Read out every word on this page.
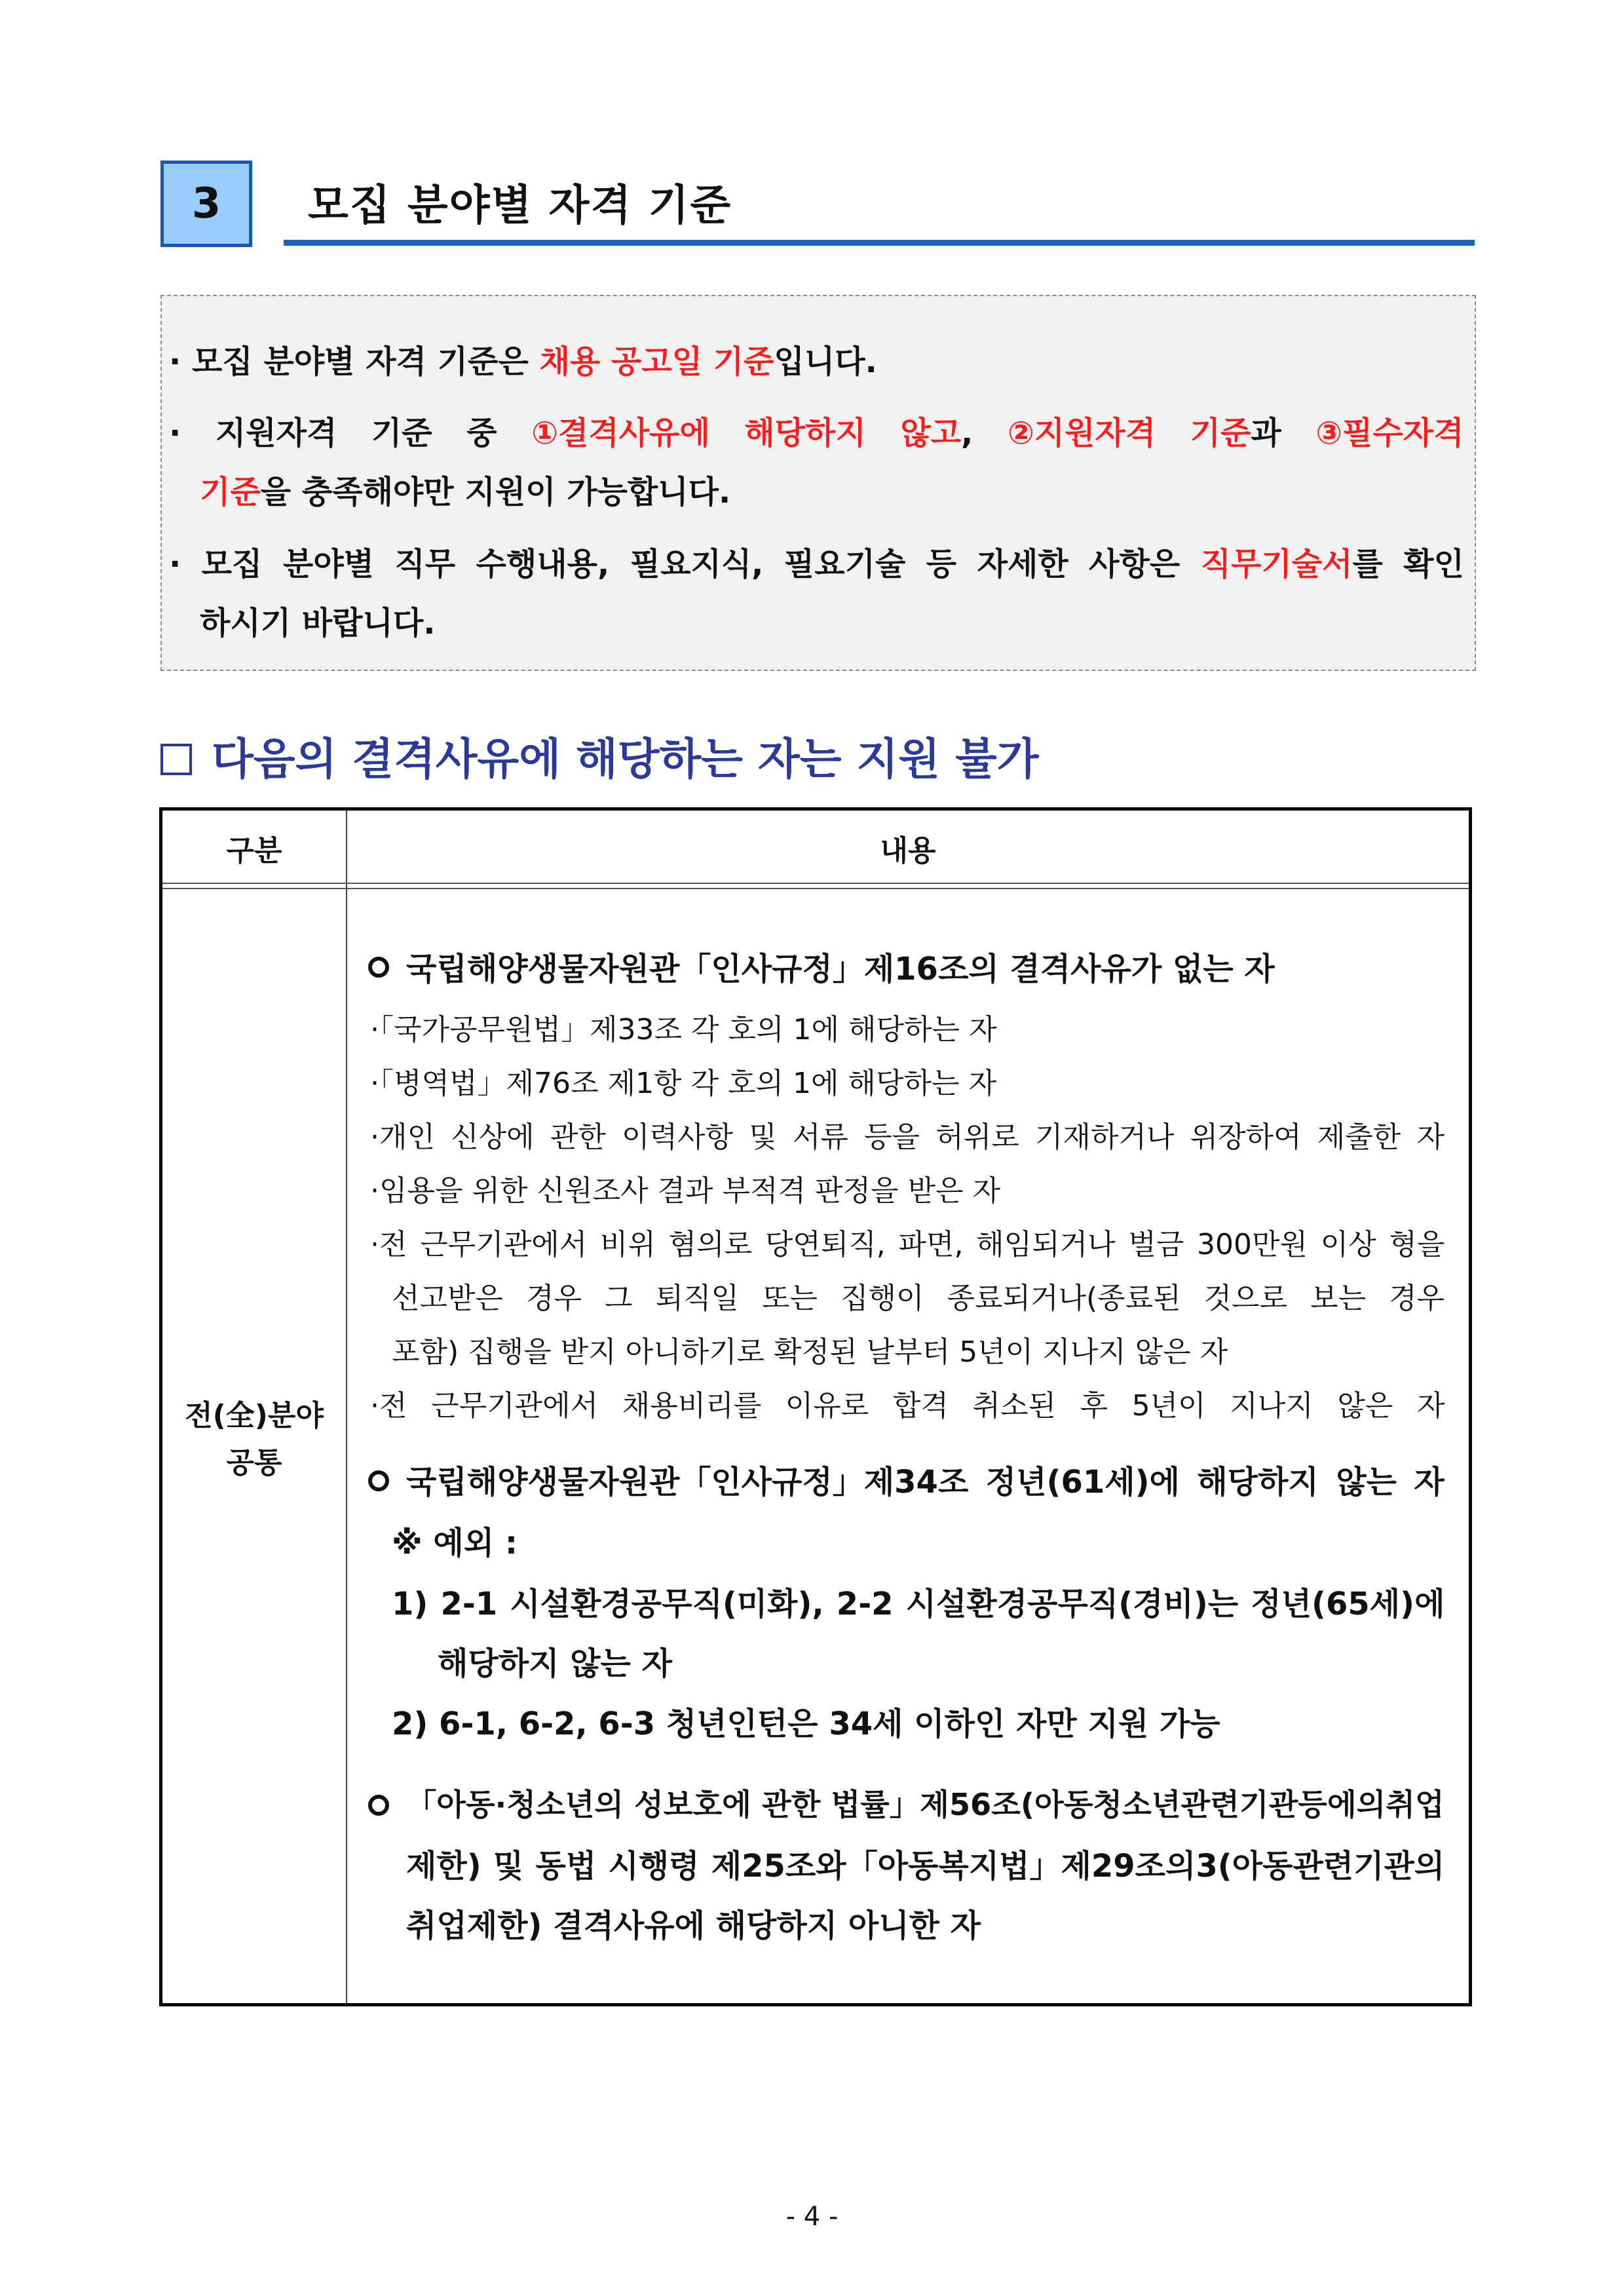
3 모집 분야별 자격 기준
· 모집 분야별 자격 기준은 채용 공고일 기준입니다.
· 지원자격 기준 중 ①결격사유에 해당하지 않고, ②지원자격 기준과 ③필수자격
기준을 충족해야만 지원이 가능합니다.
· 모집 분야별 직무 수행내용, 필요지식, 필요기술 등 자세한 사항은 직무기술서를 확인
하시기 바랍니다.
다음의 결격사유에 해당하는 자는 지원 불가
구분	내용
전(全)분야
공통
국립해양생물자원관「인사규정」제16조의 결격사유가 없는 자
·「국가공무원법」제33조 각 호의 1에 해당하는 자
·「병역법」제76조 제1항 각 호의 1에 해당하는 자
·개인 신상에 관한 이력사항 및 서류 등을 허위로 기재하거나 위장하여 제출한 자
·임용을 위한 신원조사 결과 부적격 판정을 받은 자
·전 근무기관에서 비위 혐의로 당연퇴직, 파면, 해임되거나 벌금 300만원 이상 형을
선고받은 경우 그 퇴직일 또는 집행이 종료되거나(종료된 것으로 보는 경우
포함) 집행을 받지 아니하기로 확정된 날부터 5년이 지나지 않은 자
·전 근무기관에서 채용비리를 이유로 합격 취소된 후 5년이 지나지 않은 자
국립해양생물자원관「인사규정」제34조 정년(61세)에 해당하지 않는 자
※ 예외 :
1) 2-1 시설환경공무직(미화), 2-2 시설환경공무직(경비)는 정년(65세)에
해당하지 않는 자
2) 6-1, 6-2, 6-3 청년인턴은 34세 이하인 자만 지원 가능
「아동·청소년의 성보호에 관한 법률」제56조(아동청소년관련기관등에의취업
제한) 및 동법 시행령 제25조와「아동복지법」제29조의3(아동관련기관의
취업제한) 결격사유에 해당하지 아니한 자
- 4 -
